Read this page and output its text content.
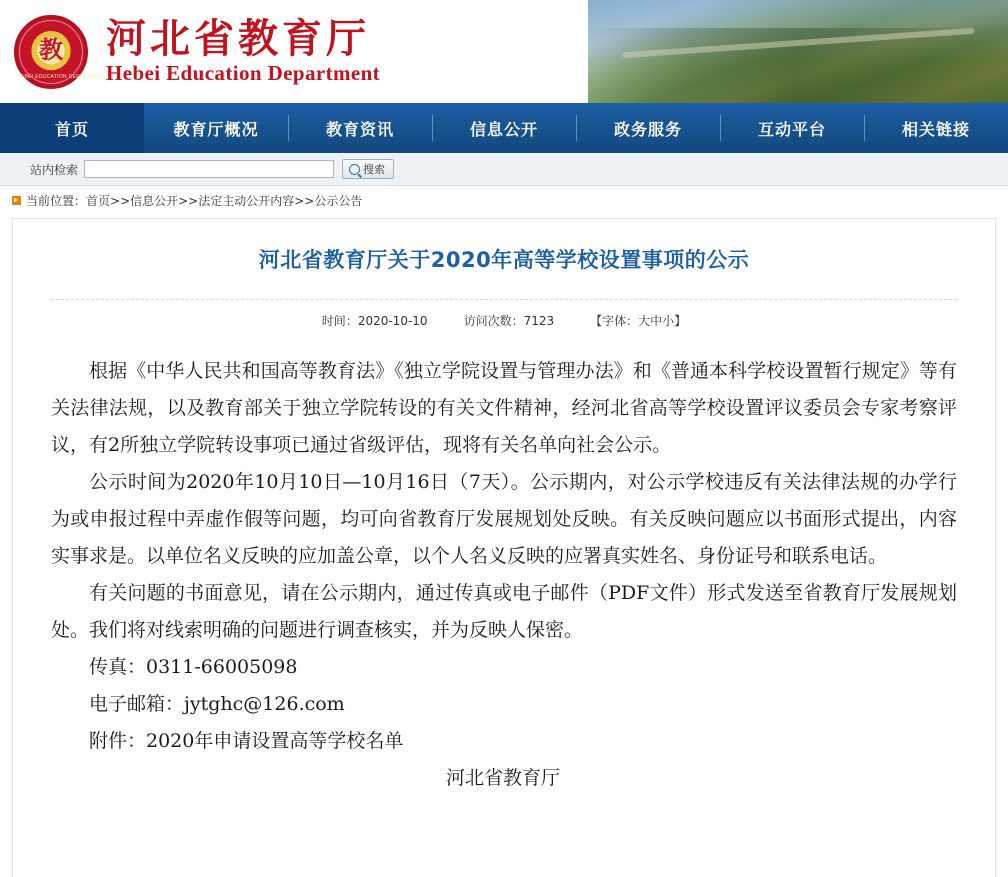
教
HEBEI EDUCATION DEPARTMENT
河北省教育厅
Hebei Education Department
首页	教育厅概况	教育资讯	信息公开	政务服务	互动平台	相关链接
站内检索	搜索
当前位置： 首页>>信息公开>>法定主动公开内容>>公示公告
河北省教育厅关于2020年高等学校设置事项的公示
时间：2020-10-10	访问次数：7123	【字体：大中小】

根据《中华人民共和国高等教育法》《独立学院设置与管理办法》和《普通本科学校设置暂行规定》等有关法律法规，以及教育部关于独立学院转设的有关文件精神，经河北省高等学校设置评议委员会专家考察评议，有2所独立学院转设事项已通过省级评估，现将有关名单向社会公示。

公示时间为2020年10月10日—10月16日（7天）。公示期内，对公示学校违反有关法律法规的办学行为或申报过程中弄虚作假等问题，均可向省教育厅发展规划处反映。有关反映问题应以书面形式提出，内容实事求是。以单位名义反映的应加盖公章，以个人名义反映的应署真实姓名、身份证号和联系电话。

有关问题的书面意见，请在公示期内，通过传真或电子邮件（PDF文件）形式发送至省教育厅发展规划处。我们将对线索明确的问题进行调查核实，并为反映人保密。

传真：0311-66005098

电子邮箱：jytghc@126.com

附件：2020年申请设置高等学校名单

河北省教育厅
